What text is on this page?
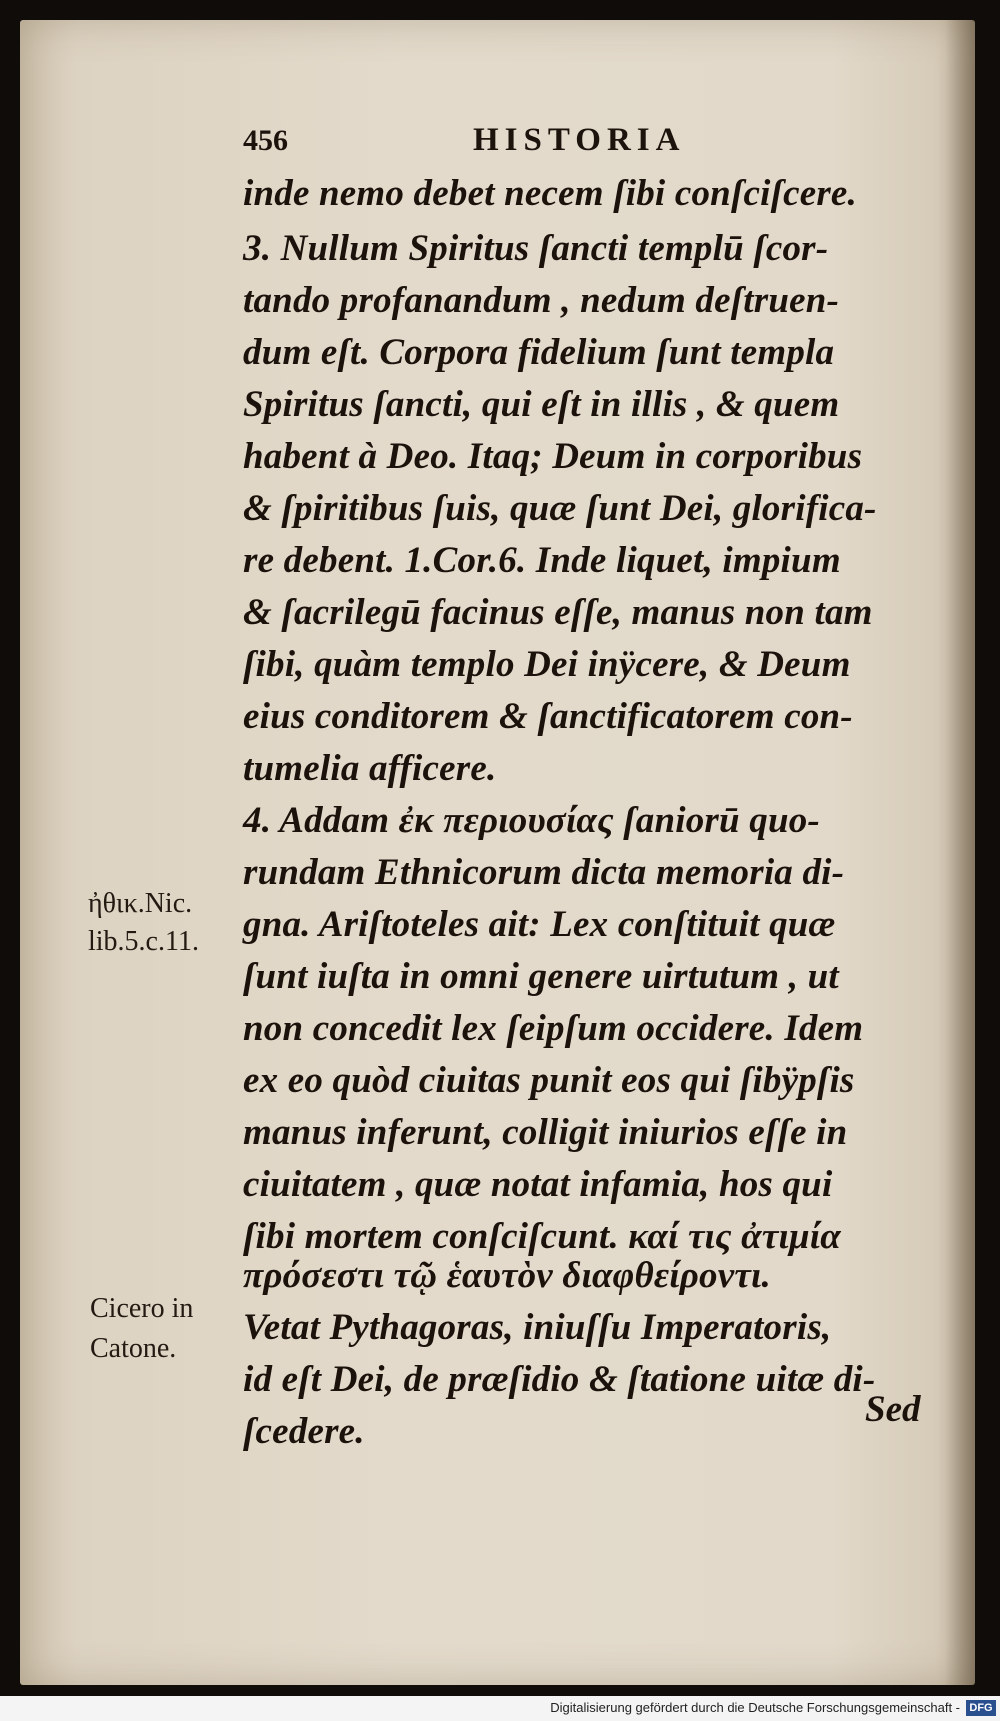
456	HISTORIA
inde nemo debet necem ſibi conſciſcere.
3. Nullum Spiritus ſancti templū ſcor-
tando profanandum , nedum deſtruen-
dum eſt. Corpora fidelium ſunt templa
Spiritus ſancti, qui eſt in illis , & quem
habent à Deo. Itaq; Deum in corporibus
& ſpiritibus ſuis, quæ ſunt Dei, glorifica-
re debent. 1.Cor.6. Inde liquet, impium
& ſacrilegū facinus eſſe, manus non tam
ſibi, quàm templo Dei inÿcere, & Deum
eius conditorem & ſanctificatorem con-
tumelia afficere.
4. Addam ἐκ περιουσίας ſaniorū quo-
rundam Ethnicorum dicta memoria di-
gna. Ariſtoteles ait: Lex conſtituit quæ
ſunt iuſta in omni genere uirtutum , ut
non concedit lex ſeipſum occidere. Idem
ex eo quòd ciuitas punit eos qui ſibÿpſis
manus inferunt, colligit iniurios eſſe in
ciuitatem , quæ notat infamia, hos qui
ſibi mortem conſciſcunt. καί τις ἀτιμία
πρόσεστι τῷ ἑαυτὸν διαφθείροντι.
Vetat Pythagoras, iniuſſu Imperatoris,
id eſt Dei, de præſidio & ſtatione uitæ di-
ſcedere.
Sed
ἠθικ.Nic.
lib.5.c.11.
Cicero in
Catone.
Digitalisierung gefördert durch die Deutsche Forschungsgemeinschaft - DFG
